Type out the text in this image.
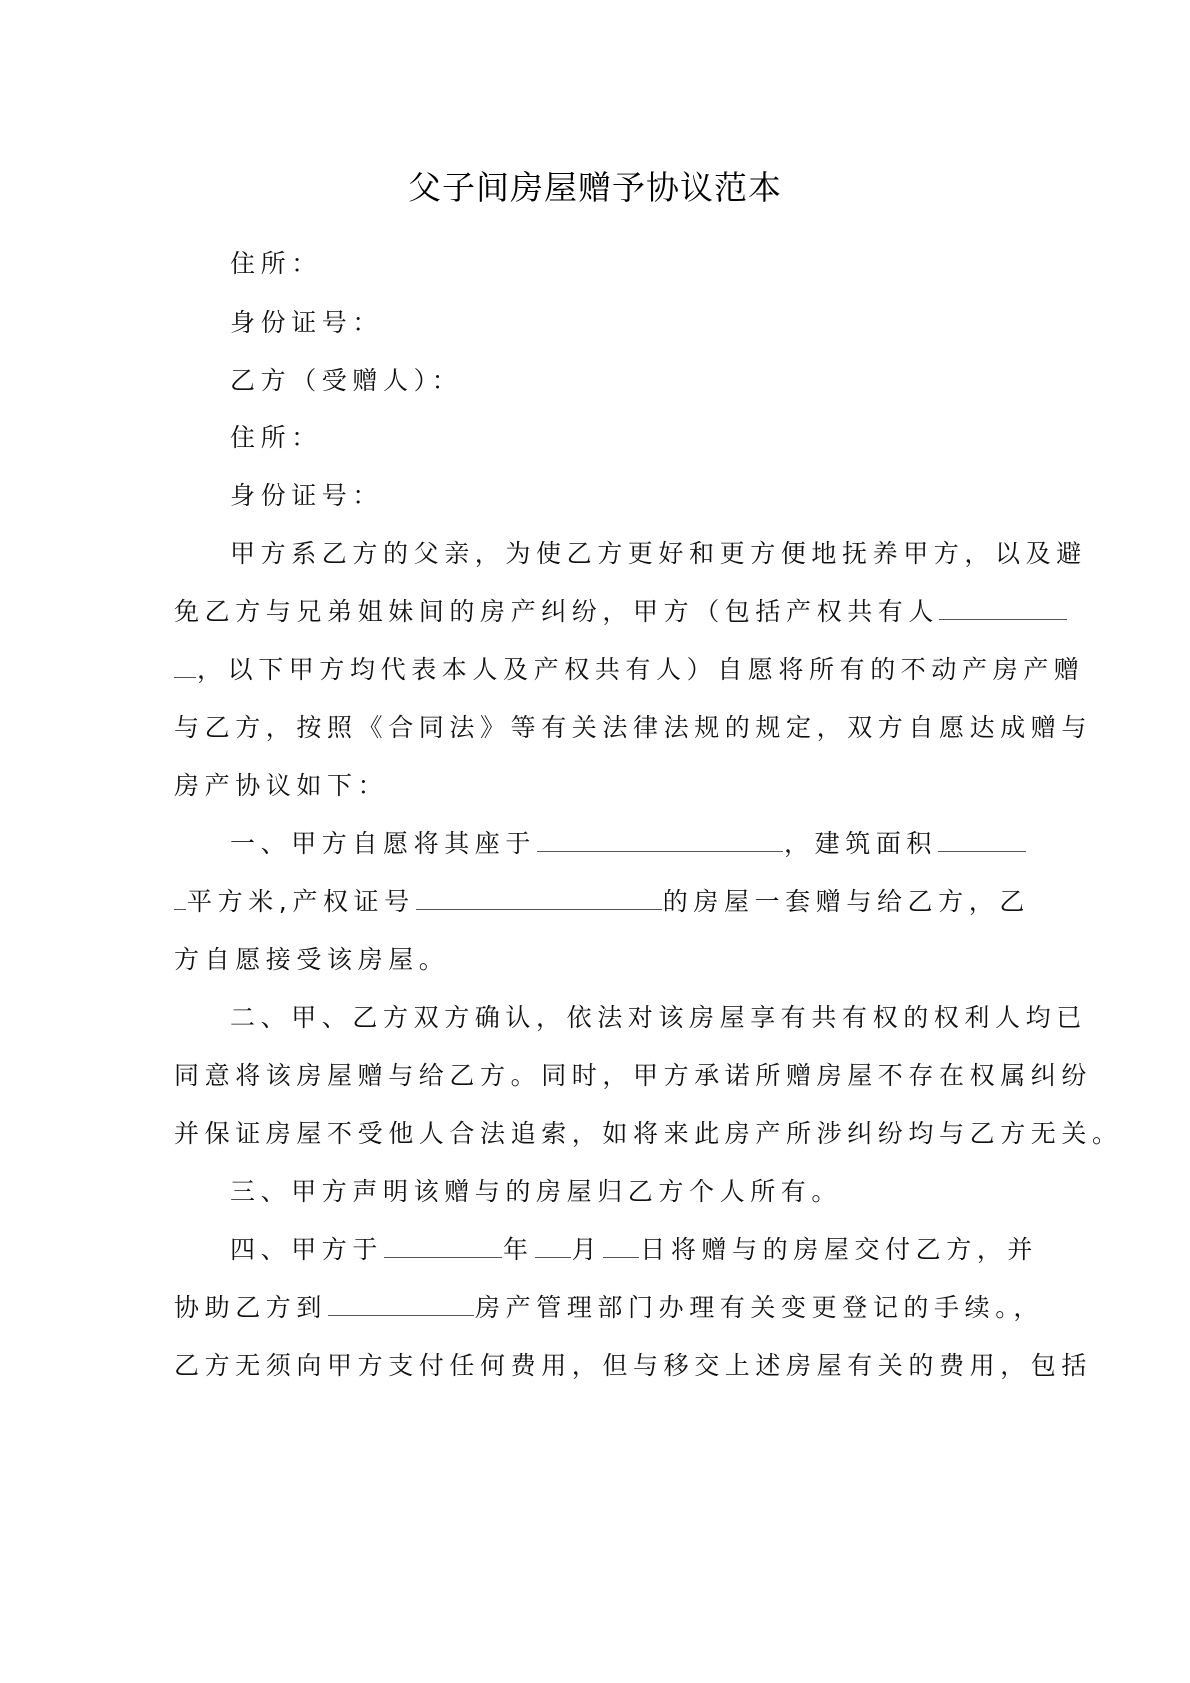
父子间房屋赠予协议范本
住所：
身份证号：
乙方（受赠人）：
住所：
身份证号：
甲方系乙方的父亲，为使乙方更好和更方便地抚养甲方，以及避
免乙方与兄弟姐妹间的房产纠纷，甲方（包括产权共有人
，以下甲方均代表本人及产权共有人）自愿将所有的不动产房产赠
与乙方，按照《合同法》等有关法律法规的规定，双方自愿达成赠与
房产协议如下：
一、甲方自愿将其座于	，建筑面积
平方米,产权证号	的房屋一套赠与给乙方，乙
方自愿接受该房屋。
二、甲、乙方双方确认，依法对该房屋享有共有权的权利人均已
同意将该房屋赠与给乙方。同时，甲方承诺所赠房屋不存在权属纠纷
并保证房屋不受他人合法追索，如将来此房产所涉纠纷均与乙方无关。
三、甲方声明该赠与的房屋归乙方个人所有。
四、甲方于	年 月 日将赠与的房屋交付乙方，并
协助乙方到	房产管理部门办理有关变更登记的手续。，
乙方无须向甲方支付任何费用，但与移交上述房屋有关的费用，包括
